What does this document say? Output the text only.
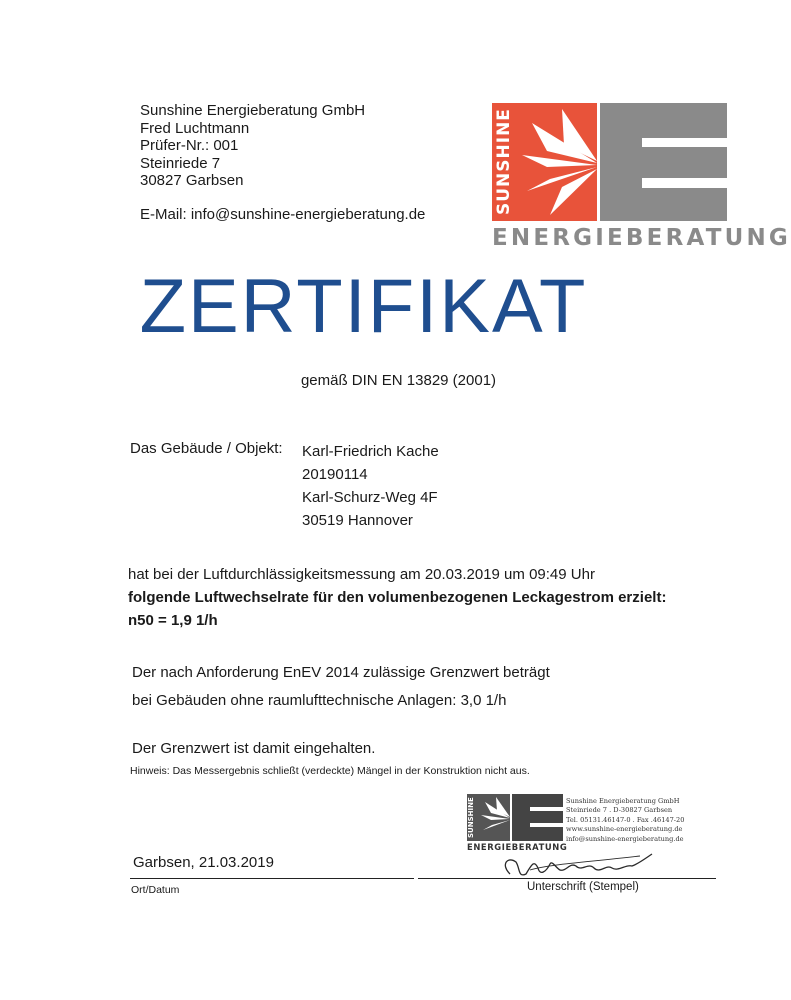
Sunshine Energieberatung GmbH
Fred Luchtmann
Prüfer-Nr.: 001
Steinriede 7
30827 Garbsen
E-Mail: info@sunshine-energieberatung.de	SUNSHINE
ENERGIEBERATUNG
ZERTIFIKAT
gemäß DIN EN 13829 (2001)
Das Gebäude / Objekt: Karl-Friedrich Kache
20190114
Karl-Schurz-Weg 4F
30519 Hannover
hat bei der Luftdurchlässigkeitsmessung am 20.03.2019 um 09:49 Uhr
folgende Luftwechselrate für den volumenbezogenen Leckagestrom erzielt:
n50 = 1,9 1/h
Der nach Anforderung EnEV 2014 zulässige Grenzwert beträgt
bei Gebäuden ohne raumlufttechnische Anlagen: 3,0 1/h
Der Grenzwert ist damit eingehalten.
Hinweis: Das Messergebnis schließt (verdeckte) Mängel in der Konstruktion nicht aus.
SUNSHINE
ENERGIEBERATUNG
Sunshine Energieberatung GmbH
Steinriede 7 . D-30827 Garbsen
Tel. 05131.46147-0 . Fax .46147-20
www.sunshine-energieberatung.de
info@sunshine-energieberatung.de
Garbsen, 21.03.2019
Ort/Datum	Unterschrift (Stempel)
